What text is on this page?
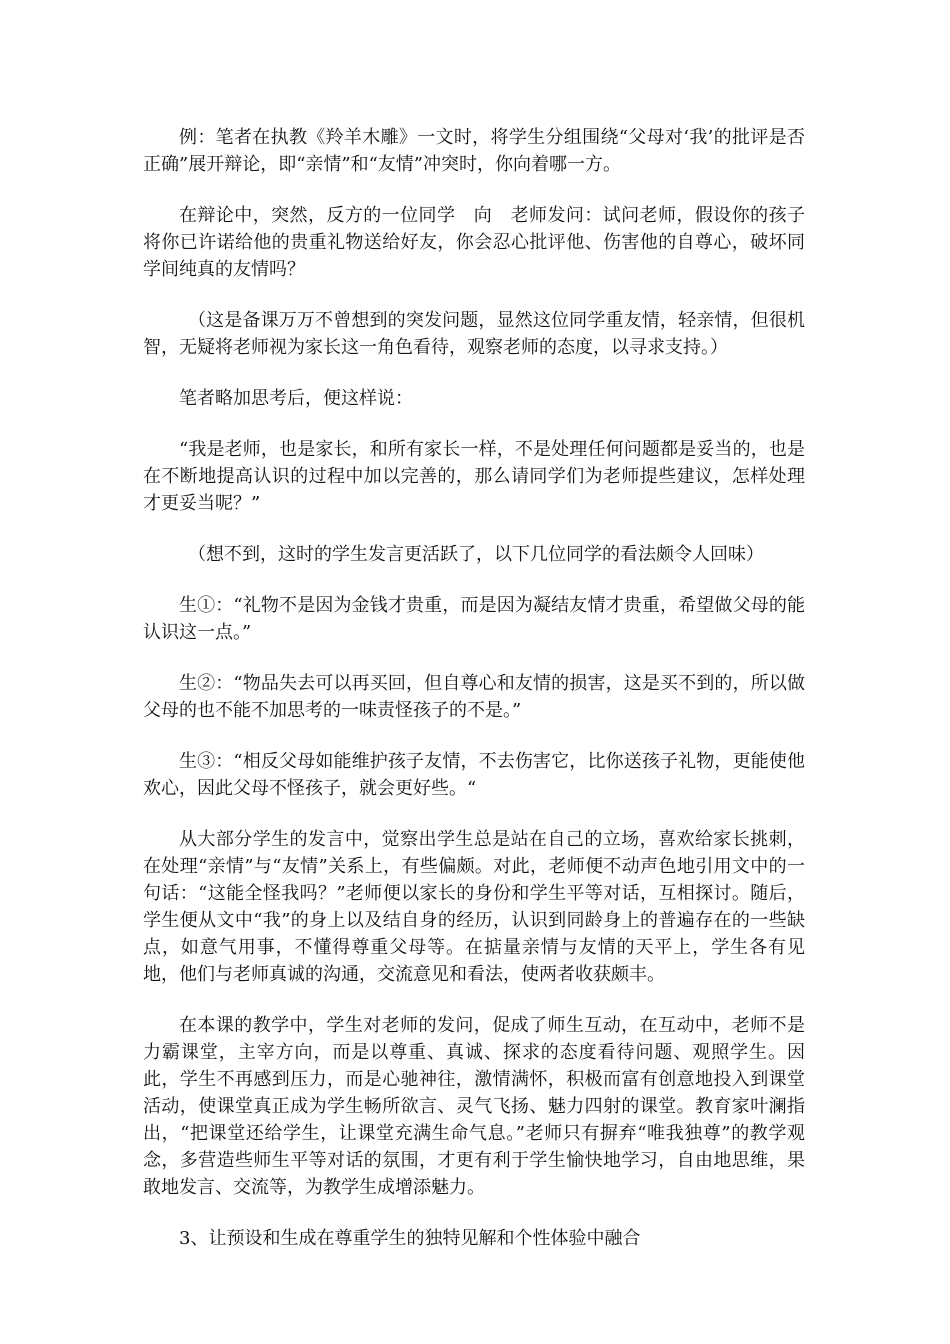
例：笔者在执教《羚羊木雕》一文时，将学生分组围绕“父母对‘我’的批评是否正确”展开辩论，即“亲情”和“友情”冲突时，你向着哪一方。

在辩论中，突然，反方的一位同学　向　老师发问：试问老师，假设你的孩子将你已许诺给他的贵重礼物送给好友，你会忍心批评他、伤害他的自尊心，破坏同学间纯真的友情吗？

（这是备课万万不曾想到的突发问题，显然这位同学重友情，轻亲情，但很机智，无疑将老师视为家长这一角色看待，观察老师的态度，以寻求支持。）

笔者略加思考后，便这样说：

“我是老师，也是家长，和所有家长一样，不是处理任何问题都是妥当的，也是在不断地提高认识的过程中加以完善的，那么请同学们为老师提些建议，怎样处理才更妥当呢？”

（想不到，这时的学生发言更活跃了，以下几位同学的看法颇令人回味）

生①：“礼物不是因为金钱才贵重，而是因为凝结友情才贵重，希望做父母的能认识这一点。”

生②：“物品失去可以再买回，但自尊心和友情的损害，这是买不到的，所以做父母的也不能不加思考的一味责怪孩子的不是。”

生③：“相反父母如能维护孩子友情，不去伤害它，比你送孩子礼物，更能使他欢心，因此父母不怪孩子，就会更好些。“

从大部分学生的发言中，觉察出学生总是站在自己的立场，喜欢给家长挑刺，在处理“亲情”与“友情”关系上，有些偏颇。对此，老师便不动声色地引用文中的一句话：“这能全怪我吗？”老师便以家长的身份和学生平等对话，互相探讨。随后，学生便从文中“我”的身上以及结自身的经历，认识到同龄身上的普遍存在的一些缺点，如意气用事，不懂得尊重父母等。在掂量亲情与友情的天平上，学生各有见地，他们与老师真诚的沟通，交流意见和看法，使两者收获颇丰。

在本课的教学中，学生对老师的发问，促成了师生互动，在互动中，老师不是力霸课堂，主宰方向，而是以尊重、真诚、探求的态度看待问题、观照学生。因此，学生不再感到压力，而是心驰神往，激情满怀，积极而富有创意地投入到课堂活动，使课堂真正成为学生畅所欲言、灵气飞扬、魅力四射的课堂。教育家叶澜指出，“把课堂还给学生，让课堂充满生命气息。”老师只有摒弃“唯我独尊”的教学观念，多营造些师生平等对话的氛围，才更有利于学生愉快地学习，自由地思维，果敢地发言、交流等，为教学生成增添魅力。

3、让预设和生成在尊重学生的独特见解和个性体验中融合
